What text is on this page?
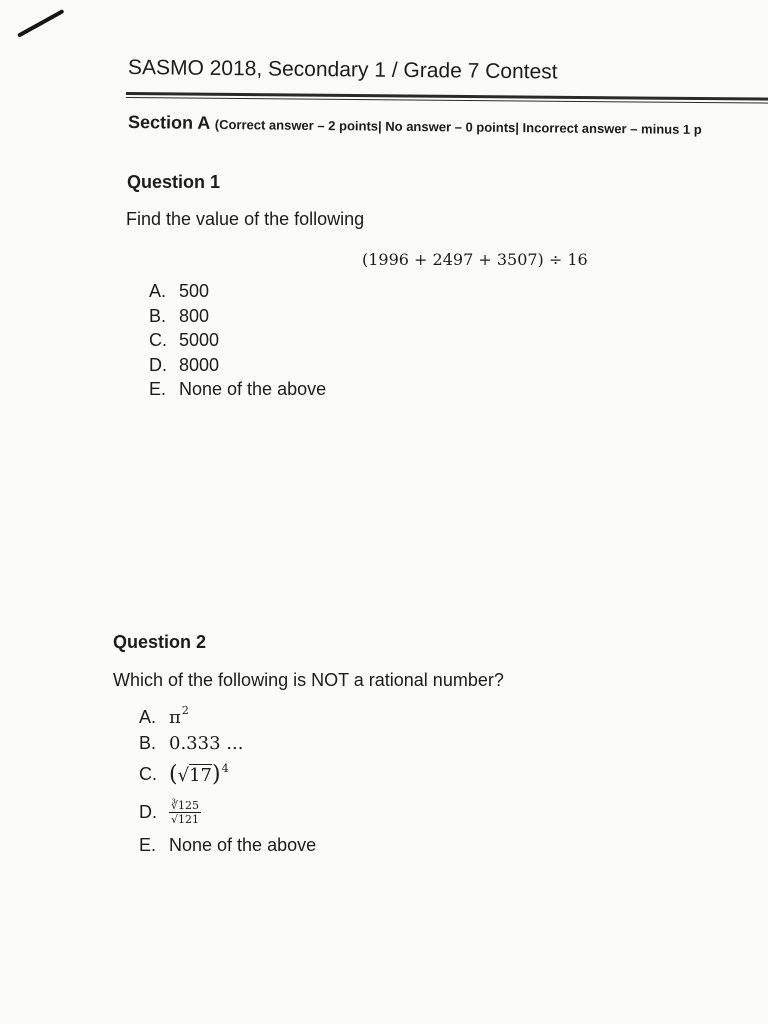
SASMO 2018, Secondary 1 / Grade 7 Contest
Section A (Correct answer – 2 points| No answer – 0 points| Incorrect answer – minus 1 p
Question 1
Find the value of the following
(1996 + 2497 + 3507) ÷ 16
A. 500
B. 800
C. 5000
D. 8000
E. None of the above
Question 2
Which of the following is NOT a rational number?
A. $\pi^2$
B. 0.333 ...
C. $(√17)^4$
D.	$\frac{∛125}{√121}$
E. None of the above
